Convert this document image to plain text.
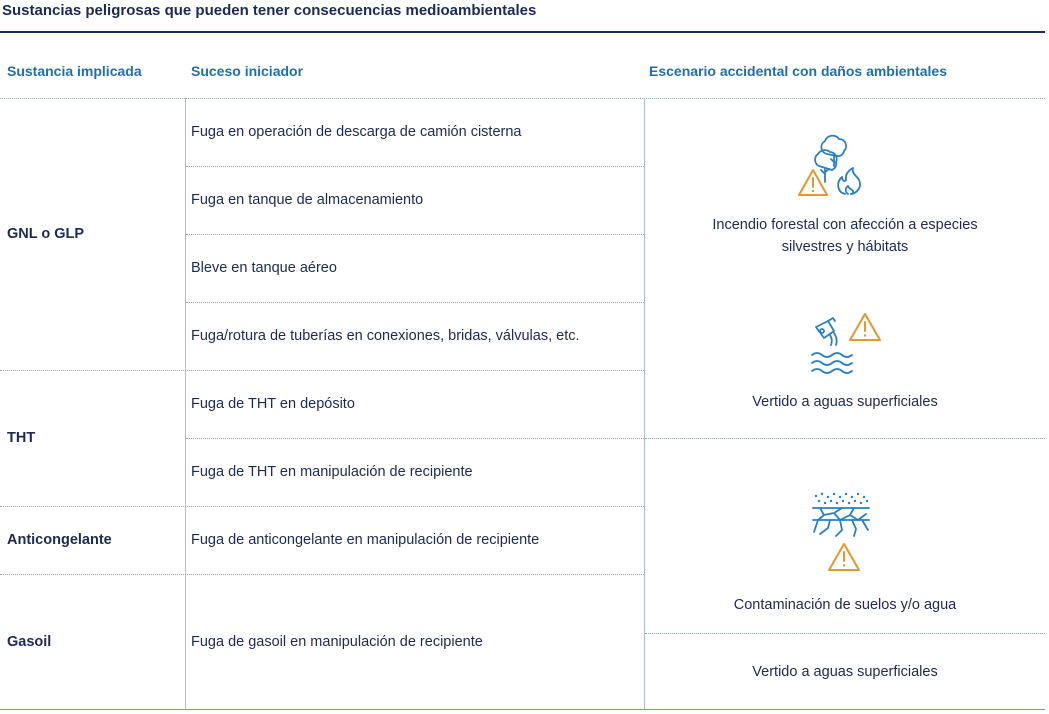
Sustancias peligrosas que pueden tener consecuencias medioambientales
Sustancia implicada	Suceso iniciador	Escenario accidental con daños ambientales
GNL o GLP
THT
Anticongelante
Gasoil
Fuga en operación de descarga de camión cisterna
Fuga en tanque de almacenamiento
Bleve en tanque aéreo
Fuga/rotura de tuberías en conexiones, bridas, válvulas, etc.
Fuga de THT en depósito
Fuga de THT en manipulación de recipiente
Fuga de anticongelante en manipulación de recipiente
Fuga de gasoil en manipulación de recipiente
Incendio forestal con afección a especies
silvestres y hábitats
Vertido a aguas superficiales
Contaminación de suelos y/o agua
Vertido a aguas superficiales
